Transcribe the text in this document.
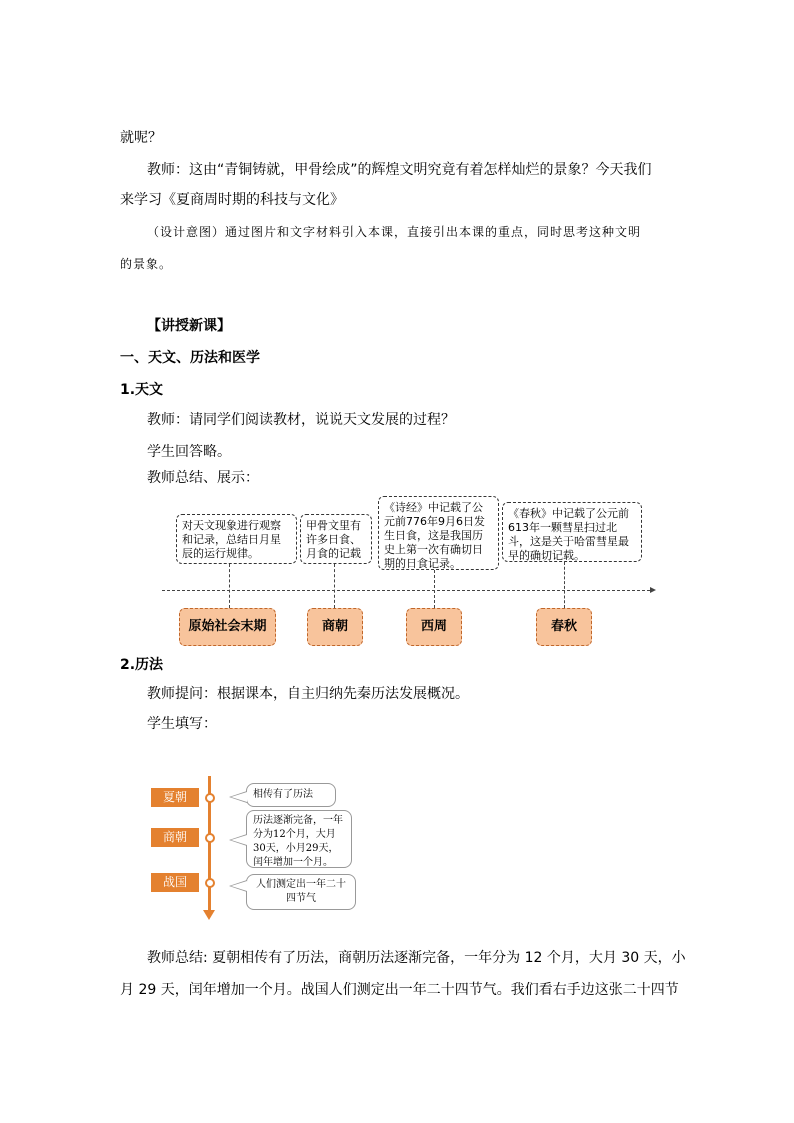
就呢？
教师：这由“青铜铸就，甲骨绘成”的辉煌文明究竟有着怎样灿烂的景象？今天我们
来学习《夏商周时期的科技与文化》
（设计意图）通过图片和文字材料引入本课，直接引出本课的重点，同时思考这种文明
的景象。
【讲授新课】
一、天文、历法和医学
1.天文
教师：请同学们阅读教材，说说天文发展的过程？
学生回答略。
教师总结、展示：
对天文现象进行观察和记录，总结日月星辰的运行规律。
甲骨文里有许多日食、月食的记载
《诗经》中记载了公元前776年9月6日发生日食，这是我国历史上第一次有确切日期的日食记录。
《春秋》中记载了公元前613年一颗彗星扫过北斗，这是关于哈雷彗星最早的确切记载。
原始社会末期	商朝	西周	春秋
2.历法
教师提问：根据课本，自主归纳先秦历法发展概况。
学生填写：
夏朝
商朝
战国
相传有了历法
历法逐渐完备，一年分为12个月，大月30天，小月29天，闰年增加一个月。
人们测定出一年二十四节气
教师总结: 夏朝相传有了历法，商朝历法逐渐完备，一年分为 12 个月，大月 30 天，小
月 29 天，闰年增加一个月。战国人们测定出一年二十四节气。我们看右手边这张二十四节
